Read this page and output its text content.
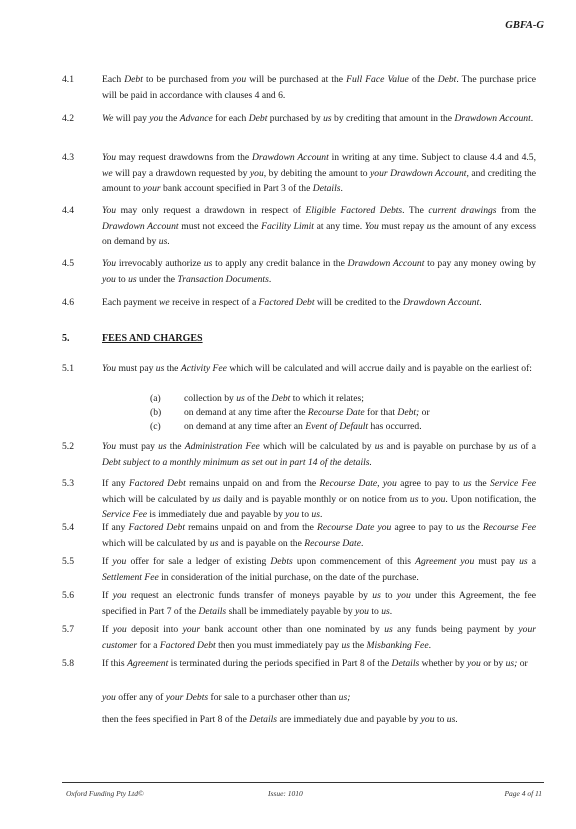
GBFA-G
4.1	Each Debt to be purchased from you will be purchased at the Full Face Value of the Debt. The purchase price will be paid in accordance with clauses 4 and 6.
4.2	We will pay you the Advance for each Debt purchased by us by crediting that amount in the Drawdown Account.
4.3	You may request drawdowns from the Drawdown Account in writing at any time. Subject to clause 4.4 and 4.5, we will pay a drawdown requested by you, by debiting the amount to your Drawdown Account, and crediting the amount to your bank account specified in Part 3 of the Details.
4.4	You may only request a drawdown in respect of Eligible Factored Debts. The current drawings from the Drawdown Account must not exceed the Facility Limit at any time. You must repay us the amount of any excess on demand by us.
4.5	You irrevocably authorize us to apply any credit balance in the Drawdown Account to pay any money owing by you to us under the Transaction Documents.
4.6	Each payment we receive in respect of a Factored Debt will be credited to the Drawdown Account.
5.	FEES AND CHARGES
5.1	You must pay us the Activity Fee which will be calculated and will accrue daily and is payable on the earliest of:
(a)	collection by us of the Debt to which it relates;
(b)	on demand at any time after the Recourse Date for that Debt; or
(c)	on demand at any time after an Event of Default has occurred.
5.2	You must pay us the Administration Fee which will be calculated by us and is payable on purchase by us of a Debt subject to a monthly minimum as set out in part 14 of the details.
5.3	If any Factored Debt remains unpaid on and from the Recourse Date, you agree to pay to us the Service Fee which will be calculated by us daily and is payable monthly or on notice from us to you. Upon notification, the Service Fee is immediately due and payable by you to us.
5.4	If any Factored Debt remains unpaid on and from the Recourse Date you agree to pay to us the Recourse Fee which will be calculated by us and is payable on the Recourse Date.
5.5	If you offer for sale a ledger of existing Debts upon commencement of this Agreement you must pay us a Settlement Fee in consideration of the initial purchase, on the date of the purchase.
5.6	If you request an electronic funds transfer of moneys payable by us to you under this Agreement, the fee specified in Part 7 of the Details shall be immediately payable by you to us.
5.7	If you deposit into your bank account other than one nominated by us any funds being payment by your customer for a Factored Debt then you must immediately pay us the Misbanking Fee.
5.8	If this Agreement is terminated during the periods specified in Part 8 of the Details whether by you or by us; or
you offer any of your Debts for sale to a purchaser other than us;
then the fees specified in Part 8 of the Details are immediately due and payable by you to us.
Oxford Funding Pty Ltd©	Issue: 1010	Page 4 of 11
